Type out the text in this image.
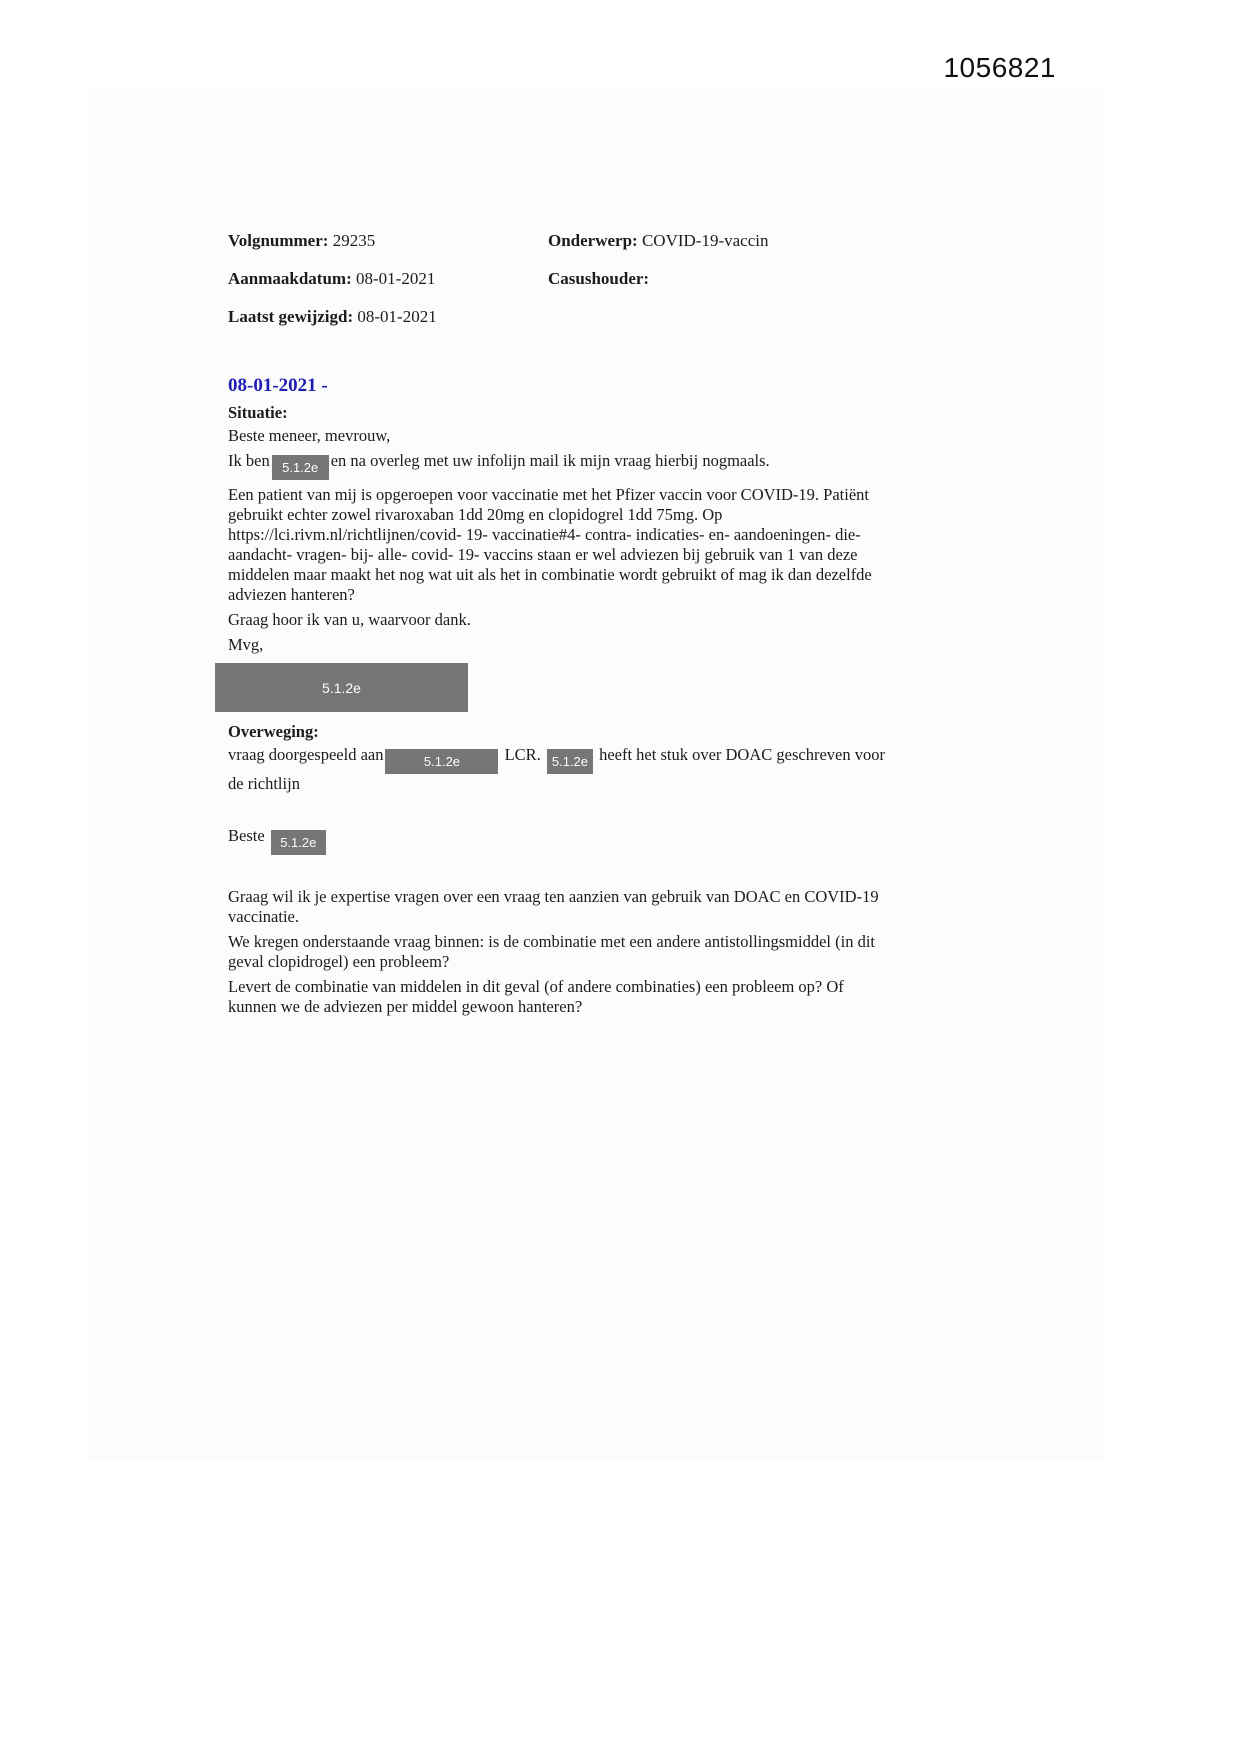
1056821
Volgnummer: 29235	Onderwerp: COVID-19-vaccin
Aanmaakdatum: 08-01-2021	Casushouder:
Laatst gewijzigd: 08-01-2021
08-01-2021 -
Situatie:
Beste meneer, mevrouw,
Ik ben 5.1.2e en na overleg met uw infolijn mail ik mijn vraag hierbij nogmaals.
Een patient van mij is opgeroepen voor vaccinatie met het Pfizer vaccin voor COVID-19. Patiënt gebruikt echter zowel rivaroxaban 1dd 20mg en clopidogrel 1dd 75mg. Op https://lci.rivm.nl/richtlijnen/covid- 19- vaccinatie#4- contra- indicaties- en- aandoeningen- die- aandacht- vragen- bij- alle- covid- 19- vaccins staan er wel adviezen bij gebruik van 1 van deze middelen maar maakt het nog wat uit als het in combinatie wordt gebruikt of mag ik dan dezelfde adviezen hanteren?
Graag hoor ik van u, waarvoor dank.
Mvg,
5.1.2e
Overweging:
vraag doorgespeeld aan	5.1.2e LCR. 5.1.2e heeft het stuk over DOAC geschreven voor de richtlijn
Beste 5.1.2e
Graag wil ik je expertise vragen over een vraag ten aanzien van gebruik van DOAC en COVID-19 vaccinatie.
We kregen onderstaande vraag binnen: is de combinatie met een andere antistollingsmiddel (in dit geval clopidrogel) een probleem?
Levert de combinatie van middelen in dit geval (of andere combinaties) een probleem op? Of kunnen we de adviezen per middel gewoon hanteren?
